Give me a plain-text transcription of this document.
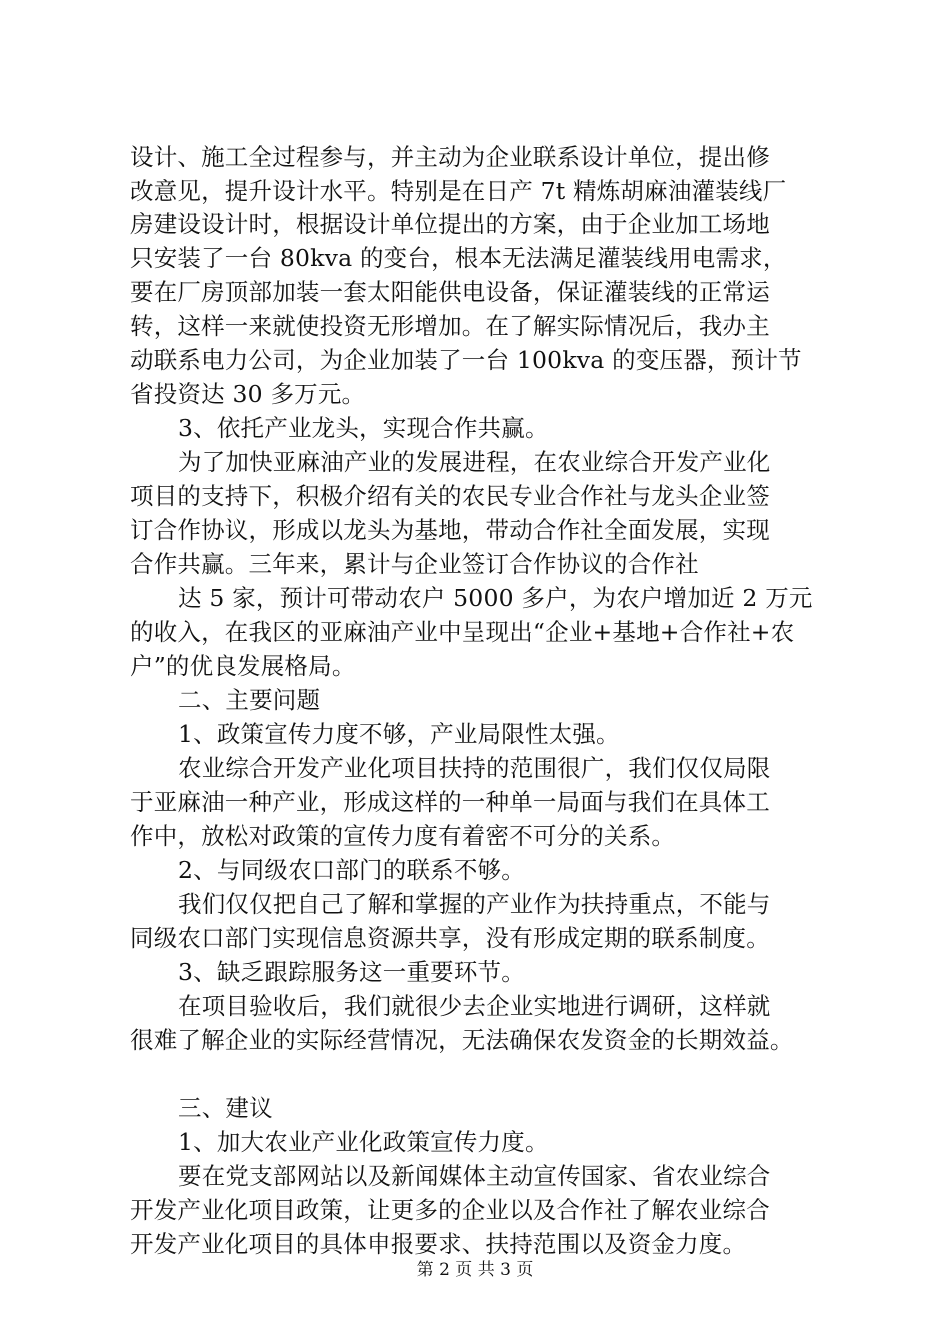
设计、施工全过程参与，并主动为企业联系设计单位，提出修
改意见，提升设计水平。特别是在日产 7t 精炼胡麻油灌装线厂
房建设设计时，根据设计单位提出的方案，由于企业加工场地
只安装了一台 80kva 的变台，根本无法满足灌装线用电需求，
要在厂房顶部加装一套太阳能供电设备，保证灌装线的正常运
转，这样一来就使投资无形增加。在了解实际情况后，我办主
动联系电力公司，为企业加装了一台 100kva 的变压器，预计节
省投资达 30 多万元。
3、依托产业龙头，实现合作共赢。
为了加快亚麻油产业的发展进程，在农业综合开发产业化
项目的支持下，积极介绍有关的农民专业合作社与龙头企业签
订合作协议，形成以龙头为基地，带动合作社全面发展，实现
合作共赢。三年来，累计与企业签订合作协议的合作社
达 5 家，预计可带动农户 5000 多户，为农户增加近 2 万元
的收入，在我区的亚麻油产业中呈现出“企业+基地+合作社+农
户”的优良发展格局。
二、主要问题
1、政策宣传力度不够，产业局限性太强。
农业综合开发产业化项目扶持的范围很广，我们仅仅局限
于亚麻油一种产业，形成这样的一种单一局面与我们在具体工
作中，放松对政策的宣传力度有着密不可分的关系。
2、与同级农口部门的联系不够。
我们仅仅把自己了解和掌握的产业作为扶持重点，不能与
同级农口部门实现信息资源共享，没有形成定期的联系制度。
3、缺乏跟踪服务这一重要环节。
在项目验收后，我们就很少去企业实地进行调研，这样就
很难了解企业的实际经营情况，无法确保农发资金的长期效益。
三、建议
1、加大农业产业化政策宣传力度。
要在党支部网站以及新闻媒体主动宣传国家、省农业综合
开发产业化项目政策，让更多的企业以及合作社了解农业综合
开发产业化项目的具体申报要求、扶持范围以及资金力度。
第 2 页 共 3 页
